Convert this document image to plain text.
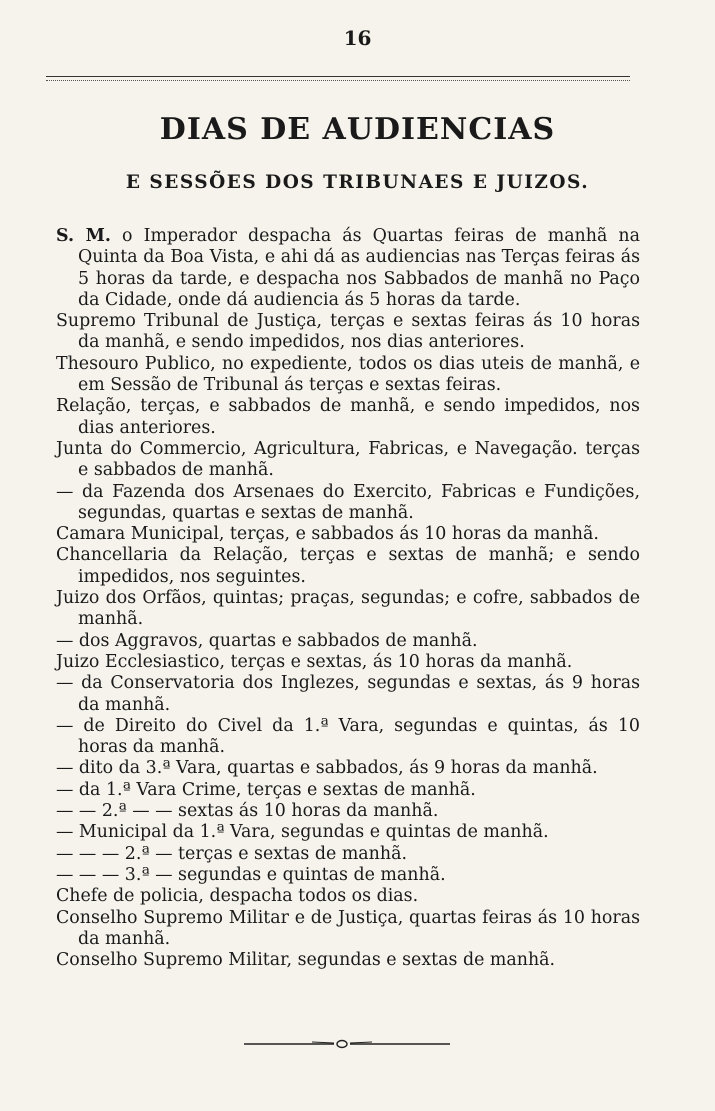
16
DIAS DE AUDIENCIAS
E SESSÕES DOS TRIBUNAES E JUIZOS.

S. M. o Imperador despacha ás Quartas feiras de manhã na Quinta da Boa Vista, e ahi dá as audiencias nas Terças feiras ás 5 horas da tarde, e despacha nos Sabbados de manhã no Paço da Cidade, onde dá audiencia ás 5 horas da tarde.

Supremo Tribunal de Justiça, terças e sextas feiras ás 10 horas da manhã, e sendo impedidos, nos dias anteriores.

Thesouro Publico, no expediente, todos os dias uteis de manhã, e em Sessão de Tribunal ás terças e sextas feiras.

Relação, terças, e sabbados de manhã, e sendo impedidos, nos dias anteriores.

Junta do Commercio, Agricultura, Fabricas, e Navegação. terças e sabbados de manhã.

— da Fazenda dos Arsenaes do Exercito, Fabricas e Fundições, segundas, quartas e sextas de manhã.

Camara Municipal, terças, e sabbados ás 10 horas da manhã.

Chancellaria da Relação, terças e sextas de manhã; e sendo impedidos, nos seguintes.

Juizo dos Orfãos, quintas; praças, segundas; e cofre, sabbados de manhã.

— dos Aggravos, quartas e sabbados de manhã.

Juizo Ecclesiastico, terças e sextas, ás 10 horas da manhã.

— da Conservatoria dos Inglezes, segundas e sextas, ás 9 horas da manhã.

— de Direito do Civel da 1.ª Vara, segundas e quintas, ás 10 horas da manhã.

— dito da 3.ª Vara, quartas e sabbados, ás 9 horas da manhã.

— da 1.ª Vara Crime, terças e sextas de manhã.

— — 2.ª — — sextas ás 10 horas da manhã.

— Municipal da 1.ª Vara, segundas e quintas de manhã.

— — — 2.ª — terças e sextas de manhã.

— — — 3.ª — segundas e quintas de manhã.

Chefe de policia, despacha todos os dias.

Conselho Supremo Militar e de Justiça, quartas feiras ás 10 horas da manhã.

Conselho Supremo Militar, segundas e sextas de manhã.
